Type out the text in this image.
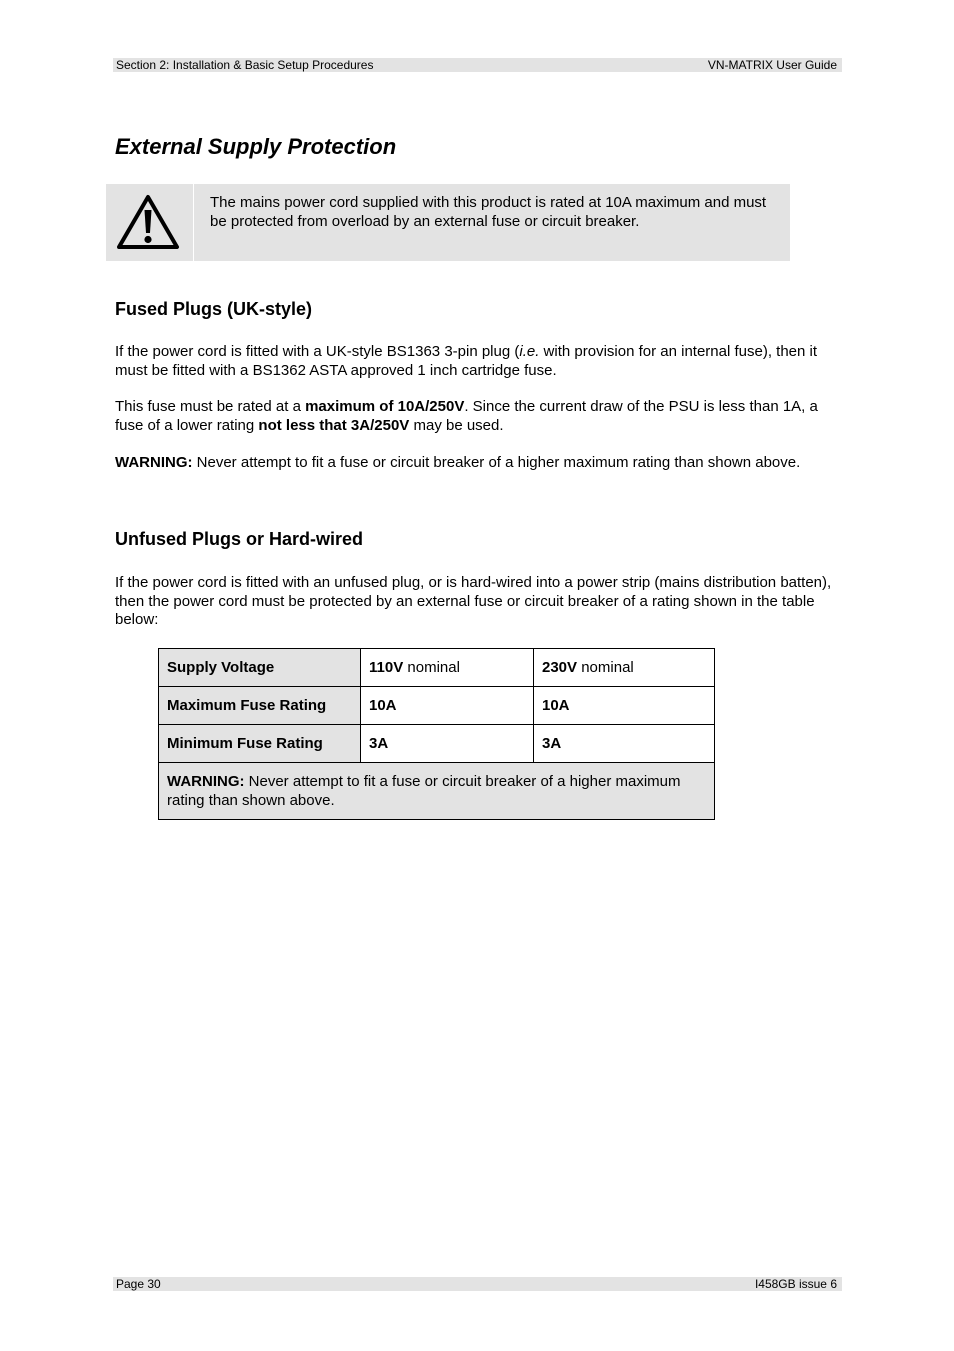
Section 2: Installation & Basic Setup Procedures	VN-MATRIX User Guide
External Supply Protection
The mains power cord supplied with this product is rated at 10A maximum and must be protected from overload by an external fuse or circuit breaker.
Fused Plugs (UK-style)

If the power cord is fitted with a UK-style BS1363 3-pin plug (i.e. with provision for an internal fuse), then it must be fitted with a BS1362 ASTA approved 1 inch cartridge fuse.

This fuse must be rated at a maximum of 10A/250V. Since the current draw of the PSU is less than 1A, a fuse of a lower rating not less that 3A/250V may be used.

WARNING: Never attempt to fit a fuse or circuit breaker of a higher maximum rating than shown above.

Unfused Plugs or Hard-wired

If the power cord is fitted with an unfused plug, or is hard-wired into a power strip (mains distribution batten), then the power cord must be protected by an external fuse or circuit breaker of a rating shown in the table below:

Supply Voltage	110V nominal	230V nominal
Maximum Fuse Rating	10A	10A
Minimum Fuse Rating	3A	3A
WARNING: Never attempt to fit a fuse or circuit breaker of a higher maximum rating than shown above.		
Page 30	I458GB issue 6
